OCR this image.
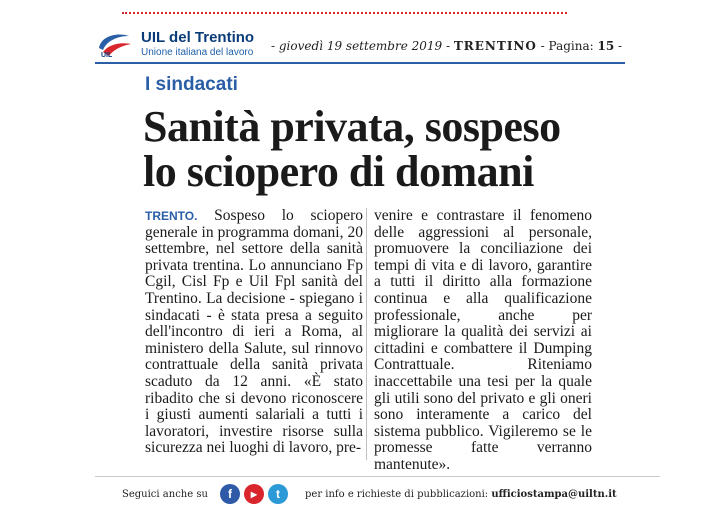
UIL
UIL del Trentino
Unione italiana del lavoro - giovedì 19 settembre 2019 - TRENTINO - Pagina: 15 -
I sindacati
Sanità privata, sospeso
lo sciopero di domani
TRENTO. Sospeso lo sciopero generale in programma domani, 20 settembre, nel settore della sanità privata trentina. Lo annunciano Fp Cgil, Cisl Fp e Uil Fpl sanità del Trentino. La decisione - spiegano i sindacati - è stata presa a seguito dell'incontro di ieri a Roma, al ministero della Salute, sul rinnovo contrattuale della sanità privata scaduto da 12 anni. «È stato ribadito che si devono riconoscere i giusti aumenti salariali a tutti i lavoratori, investire risorse sulla sicurezza nei luoghi di lavoro, pre-
venire e contrastare il fenomeno delle aggressioni al personale, promuovere la conciliazione dei tempi di vita e di lavoro, garantire a tutti il diritto alla formazione continua e alla qualificazione professionale, anche per migliorare la qualità dei servizi ai cittadini e combattere il Dumping Contrattuale. Riteniamo inaccettabile una tesi per la quale gli utili sono del privato e gli oneri sono interamente a carico del sistema pubblico. Vigileremo se le promesse fatte verranno mantenute».
Seguici anche su	f	▶	t	per info e richieste di pubblicazioni: ufficiostampa@uiltn.it
